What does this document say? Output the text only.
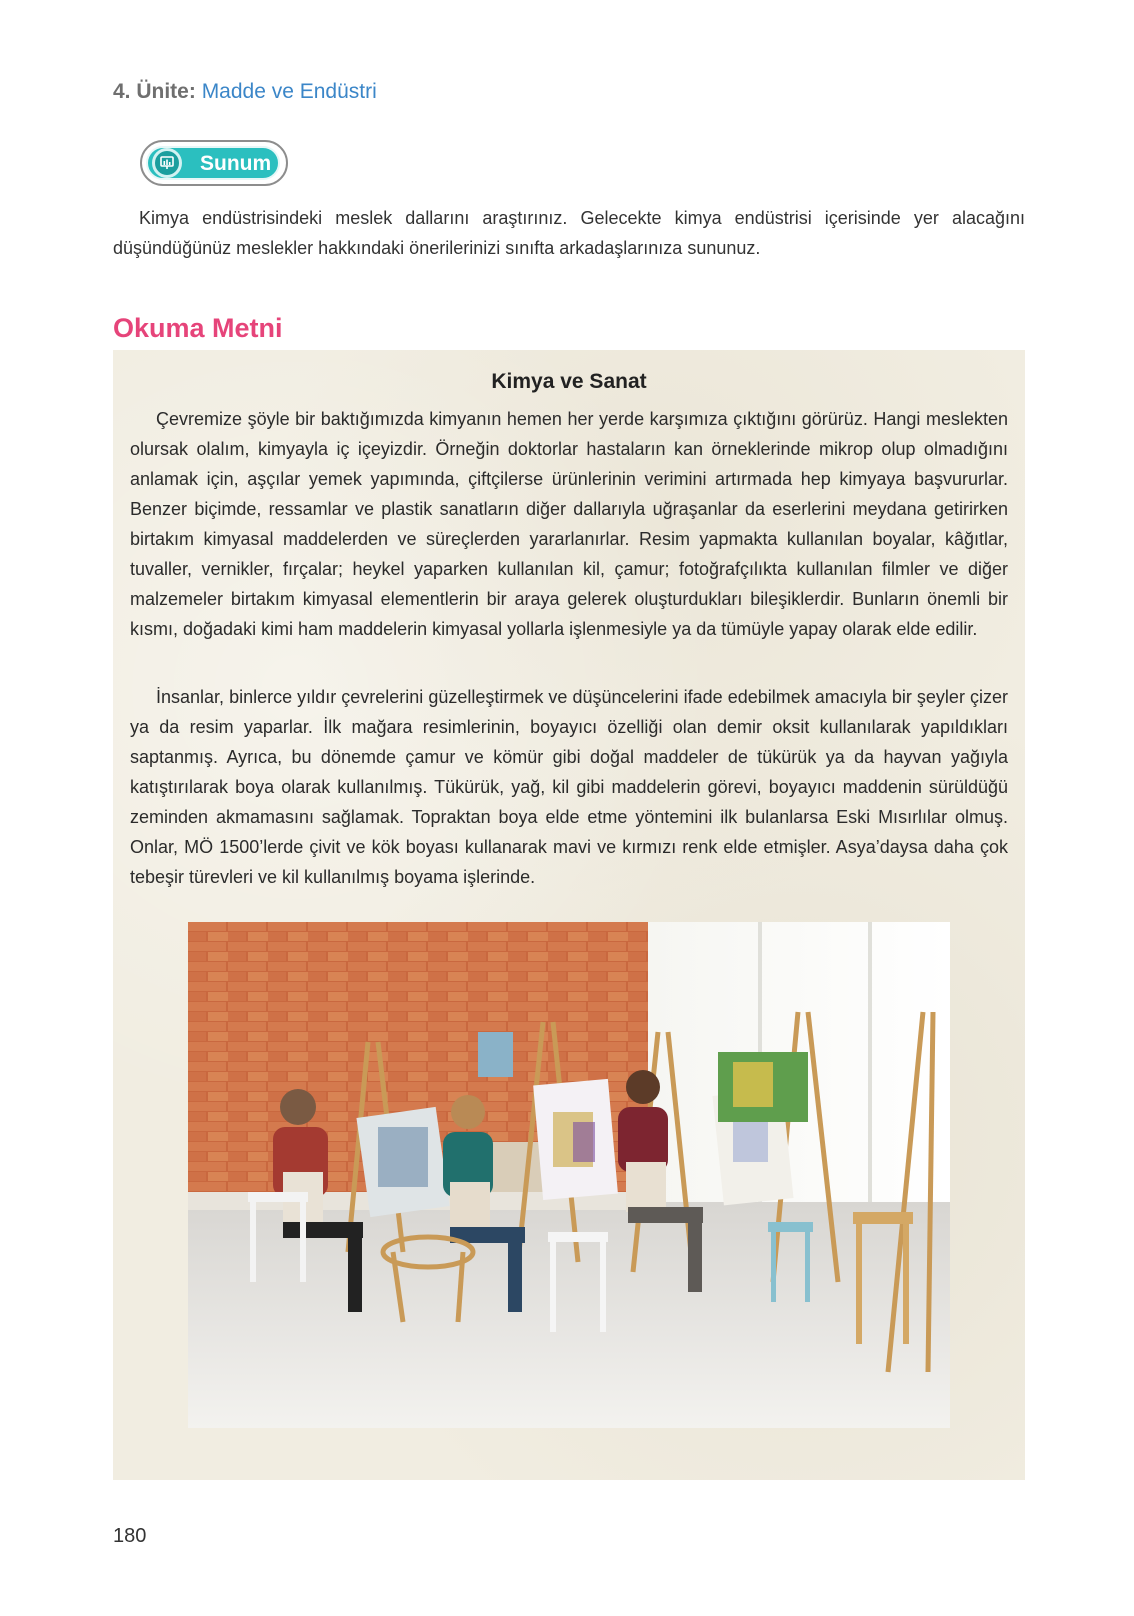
4. Ünite: Madde ve Endüstri
Sunum

Kimya endüstrisindeki meslek dallarını araştırınız. Gelecekte kimya endüstrisi içerisinde yer alacağını düşündüğünüz meslekler hakkındaki önerilerinizi sınıfta arkadaşlarınıza sununuz.

Okuma Metni
Kimya ve Sanat

Çevremize şöyle bir baktığımızda kimyanın hemen her yerde karşımıza çıktığını görürüz. Hangi meslekten olursak olalım, kimyayla iç içeyizdir. Örneğin doktorlar hastaların kan örneklerinde mikrop olup olmadığını anlamak için, aşçılar yemek yapımında, çiftçilerse ürünlerinin verimini artırmada hep kimyaya başvururlar. Benzer biçimde, ressamlar ve plastik sanatların diğer dallarıyla uğraşanlar da eserlerini meydana getirirken birtakım kimyasal maddelerden ve süreçlerden yararlanırlar. Resim yapmakta kullanılan boyalar, kâğıtlar, tuvaller, vernikler, fırçalar; heykel yaparken kullanılan kil, çamur; fotoğrafçılıkta kullanılan filmler ve diğer malzemeler birtakım kimyasal elementlerin bir araya gelerek oluşturdukları bileşiklerdir. Bunların önemli bir kısmı, doğadaki kimi ham maddelerin kimyasal yollarla işlenmesiyle ya da tümüyle yapay olarak elde edilir.

İnsanlar, binlerce yıldır çevrelerini güzelleştirmek ve düşüncelerini ifade edebilmek amacıyla bir şeyler çizer ya da resim yaparlar. İlk mağara resimlerinin, boyayıcı özelliği olan demir oksit kullanılarak yapıldıkları saptanmış. Ayrıca, bu dönemde çamur ve kömür gibi doğal maddeler de tükürük ya da hayvan yağıyla katıştırılarak boya olarak kullanılmış. Tükürük, yağ, kil gibi maddelerin görevi, boyayıcı maddenin sürüldüğü zeminden akmamasını sağlamak. Topraktan boya elde etme yöntemini ilk bulanlarsa Eski Mısırlılar olmuş. Onlar, MÖ 1500’lerde çivit ve kök boyası kullanarak mavi ve kırmızı renk elde etmişler. Asya’daysa daha çok tebeşir türevleri ve kil kullanılmış boyama işlerinde.

180
